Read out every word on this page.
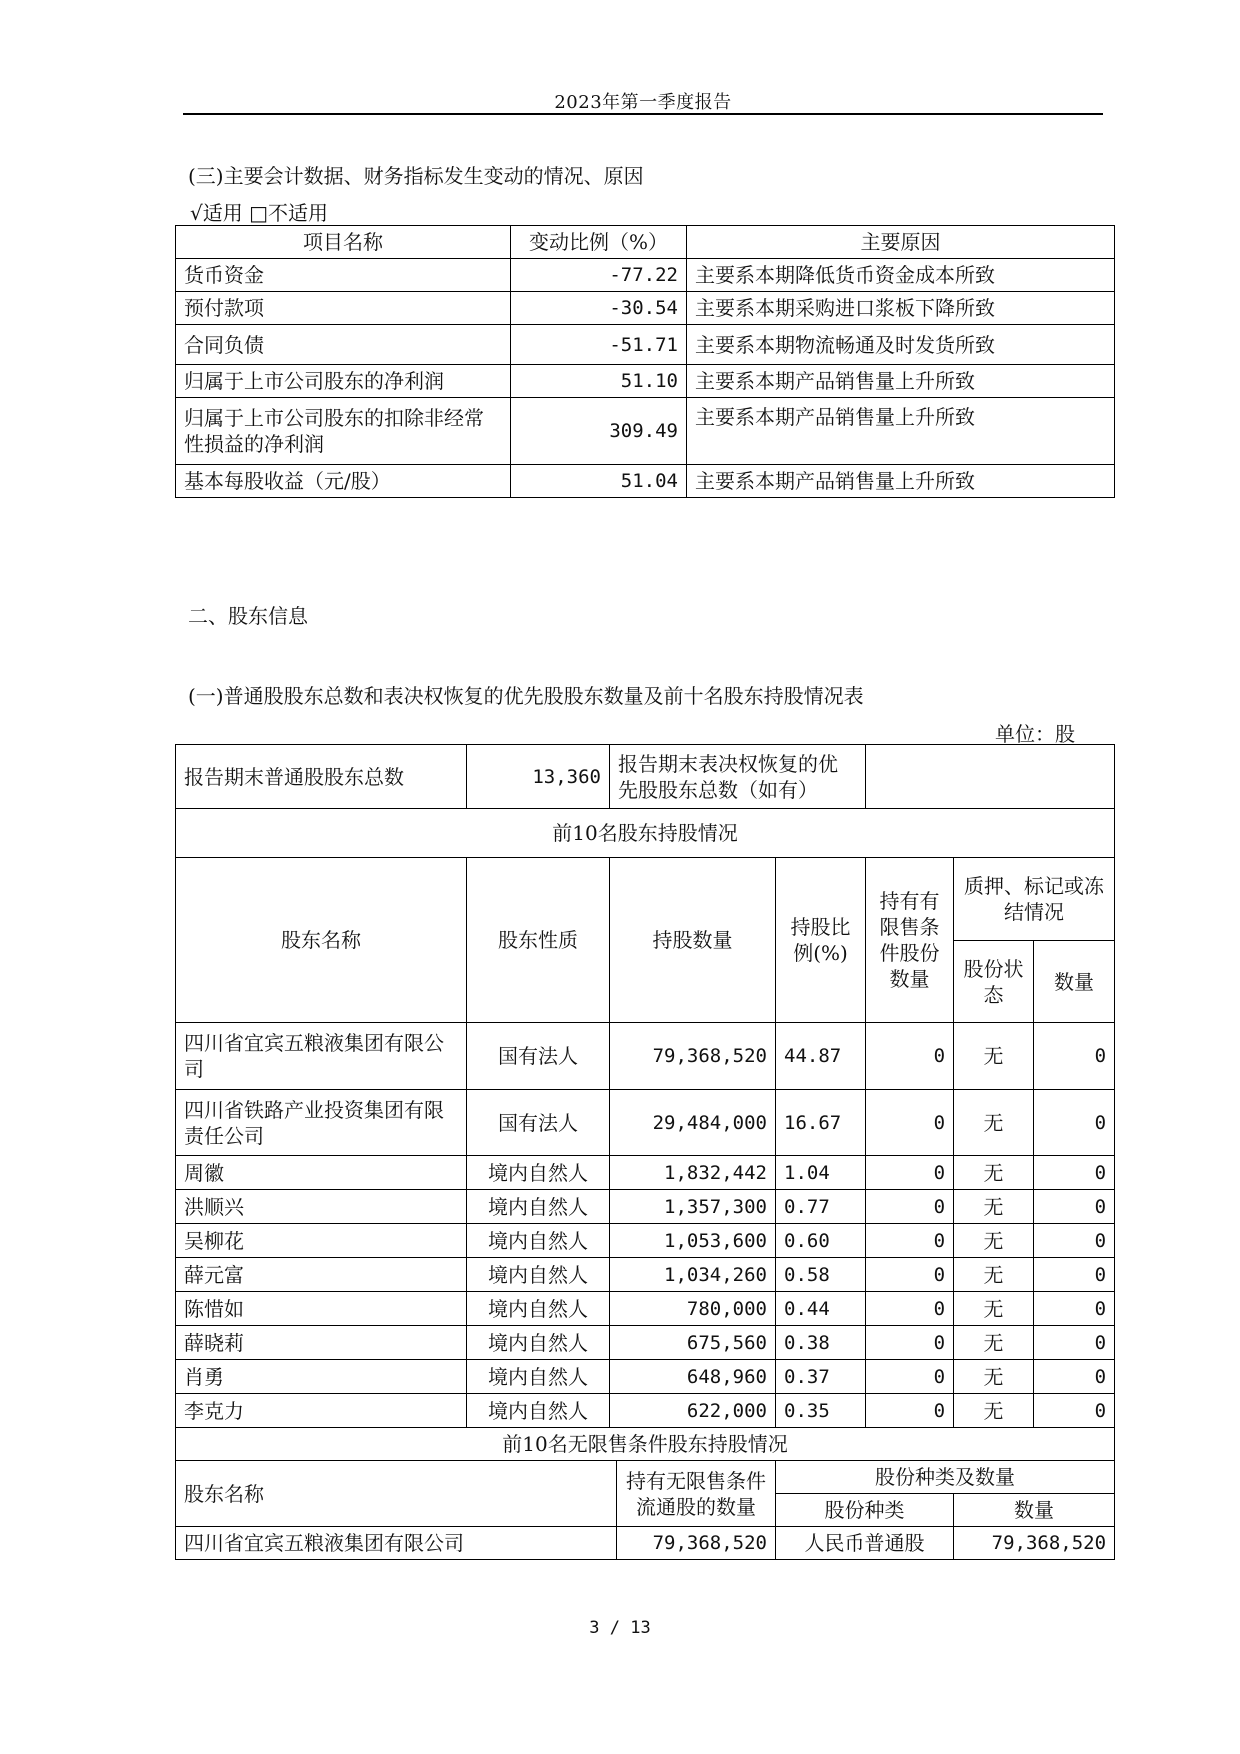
2023年第一季度报告
(三)主要会计数据、财务指标发生变动的情况、原因
√适用 □不适用
项目名称	变动比例（%）	主要原因
货币资金	-77.22	主要系本期降低货币资金成本所致
预付款项	-30.54	主要系本期采购进口浆板下降所致
合同负债	-51.71	主要系本期物流畅通及时发货所致
归属于上市公司股东的净利润	51.10	主要系本期产品销售量上升所致
归属于上市公司股东的扣除非经常性损益的净利润	309.49	主要系本期产品销售量上升所致
基本每股收益（元/股）	51.04	主要系本期产品销售量上升所致
二、股东信息
(一)普通股股东总数和表决权恢复的优先股股东数量及前十名股东持股情况表
单位：股
报告期末普通股股东总数	13,360	报告期末表决权恢复的优先股股东总数（如有）					
前10名股东持股情况							
股东名称	股东性质	持股数量		持股比例(%)	持有有限售条件股份数量	质押、标记或冻结情况	
						股份状态	数量
四川省宜宾五粮液集团有限公司	国有法人	79,368,520		44.87	0	无	0
四川省铁路产业投资集团有限责任公司	国有法人	29,484,000		16.67	0	无	0
周徽	境内自然人	1,832,442		1.04	0	无	0
洪顺兴	境内自然人	1,357,300		0.77	0	无	0
吴柳花	境内自然人	1,053,600		0.60	0	无	0
薛元富	境内自然人	1,034,260		0.58	0	无	0
陈惜如	境内自然人	780,000		0.44	0	无	0
薛晓莉	境内自然人	675,560		0.38	0	无	0
肖勇	境内自然人	648,960		0.37	0	无	0
李克力	境内自然人	622,000		0.35	0	无	0
前10名无限售条件股东持股情况							
股东名称			持有无限售条件流通股的数量	股份种类及数量			
				股份种类		数量	
四川省宜宾五粮液集团有限公司			79,368,520	人民币普通股		79,368,520	
3 / 13
